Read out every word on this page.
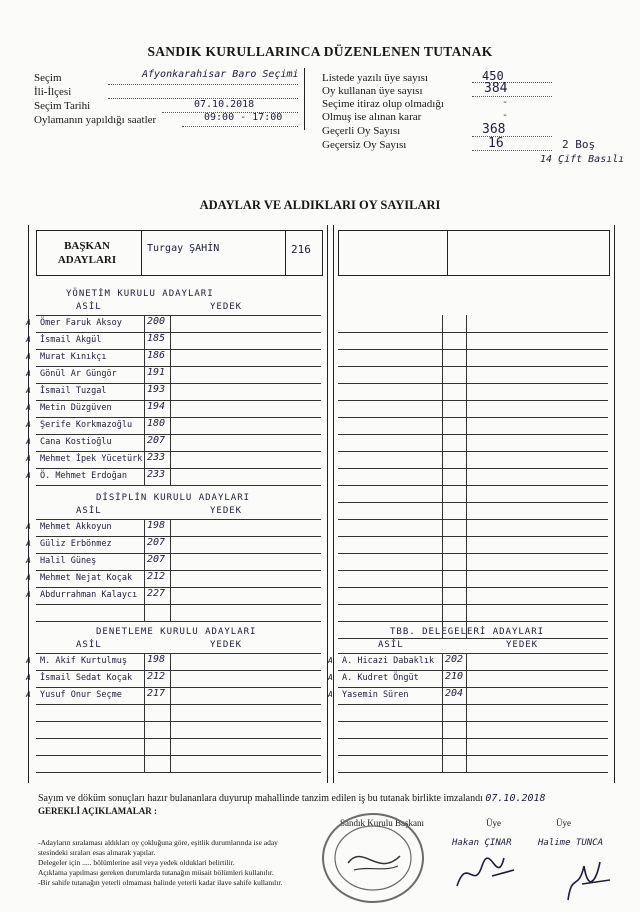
SANDIK KURULLARINCA DÜZENLENEN TUTANAK
Seçim	Afyonkarahisar Baro Seçimi
İli-İlçesi
Seçim Tarihi	07.10.2018
Oylamanın yapıldığı saatler	09:00 - 17:00
Listede yazılı üye sayısı	450
Oy kullanan üye sayısı	384
Seçime itiraz olup olmadığı	-
Olmuş ise alınan karar	-
Geçerli Oy Sayısı	368
Geçersiz Oy Sayısı	16	2 Boş
14 Çift Basılı
ADAYLAR VE ALDIKLARI OY SAYILARI
BAŞKAN
ADAYLARI
Turgay ŞAHİN	216
YÖNETİM KURULU ADAYLARI
ASİL	YEDEK
A Ömer Faruk Aksoy	200
A İsmail Akgül	185
A Murat Kınıkçı	186
A Gönül Ar Güngör	191
A İsmail Tuzgal	193
A Metin Düzgüven	194
A Şerife Korkmazoğlu 180
A Cana Kostioğlu	207
A Mehmet İpek Yücetürk 233
A Ö. Mehmet Erdoğan 233
DİSİPLİN KURULU ADAYLARI
ASİL	YEDEK
A Mehmet Akkoyun	198
A Güliz Erbönmez	207
A Halil Güneş	207
A Mehmet Nejat Koçak 212
A Abdurrahman Kalaycı 227
DENETLEME KURULU ADAYLARI
ASİL	YEDEK
A M. Akif Kurtulmuş 198
A İsmail Sedat Koçak 212
A Yusuf Onur Seçme	217
TBB. DELEGELERİ ADAYLARI
ASİL	YEDEK
A A. Hicazi Dabaklık 202
A A. Kudret Öngüt	210
A Yasemin Süren	204
Sayım ve döküm sonuçları hazır bulananlara duyurup mahallinde tanzim edilen iş bu tutanak birlikte imzalandı 07.10.2018
GEREKLİ AÇIKLAMALAR :
-Adayların sıralaması aldıkları oy çokluğuna göre, eşitlik durumlarında ise aday
stesindeki sıraları esas alınarak yapılar.
Delegeler için ..... bölümlerine asil veya yedek olduklari belirtilir.
Açıklama yapılması gereken durumlarda tutanağın müsait bölümleri kullanılır.
-Bir sahife tutanağın yeterli olmaması halinde yeterli kadar ilave sahife kullanılır.
Sandık Kurulu Başkanı	Üye	Üye
Hakan ÇINAR	Halime TUNCA
